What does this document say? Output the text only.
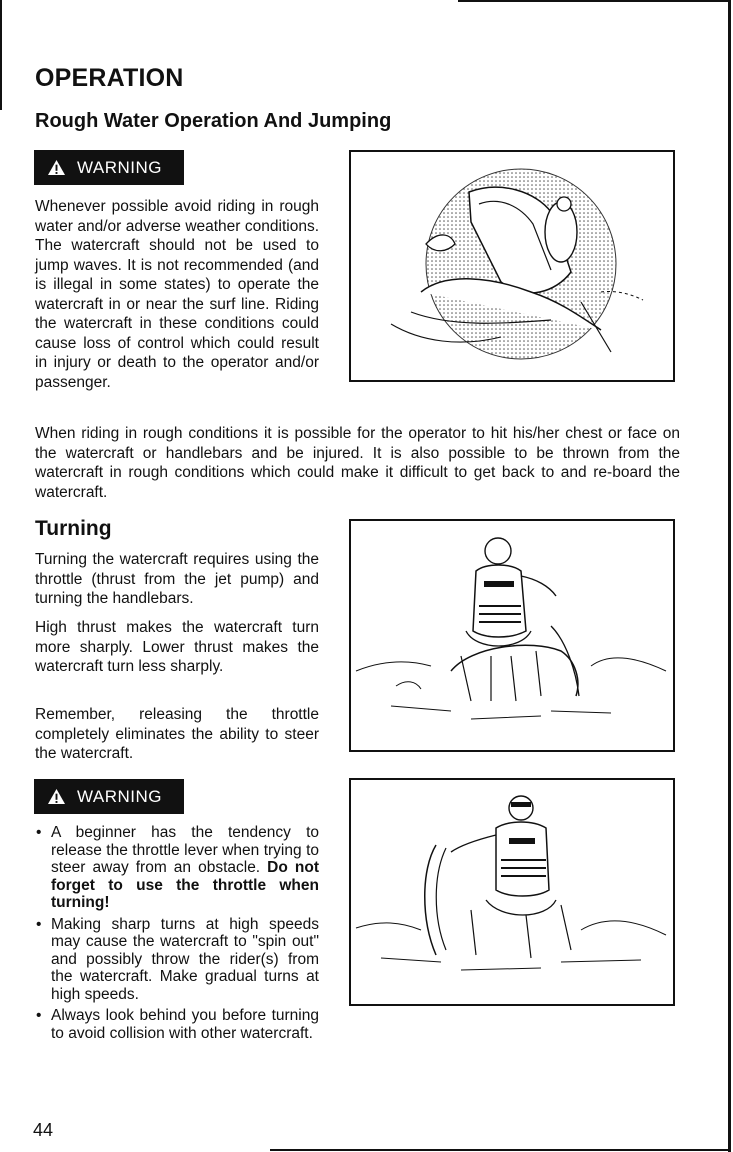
OPERATION
Rough Water Operation And Jumping
WARNING
Whenever possible avoid riding in rough water and/or adverse weather conditions. The watercraft should not be used to jump waves. It is not recommended (and is illegal in some states) to operate the watercraft in or near the surf line. Riding the watercraft in these conditions could cause loss of control which could result in injury or death to the operator and/or passenger.
When riding in rough conditions it is possible for the operator to hit his/her chest or face on the watercraft or handlebars and be injured. It is also possible to be thrown from the watercraft in rough conditions which could make it difficult to get back to and re-board the watercraft.
Turning
Turning the watercraft requires using the throttle (thrust from the jet pump) and turning the handlebars.
High thrust makes the watercraft turn more sharply. Lower thrust makes the watercraft turn less sharply.
Remember, releasing the throttle completely eliminates the ability to steer the watercraft.
WARNING
• A beginner has the tendency to release the throttle lever when trying to steer away from an obstacle. Do not forget to use the throttle when turning!
• Making sharp turns at high speeds may cause the watercraft to "spin out" and possibly throw the rider(s) from the watercraft. Make gradual turns at high speeds.
• Always look behind you before turning to avoid collision with other watercraft.
44
